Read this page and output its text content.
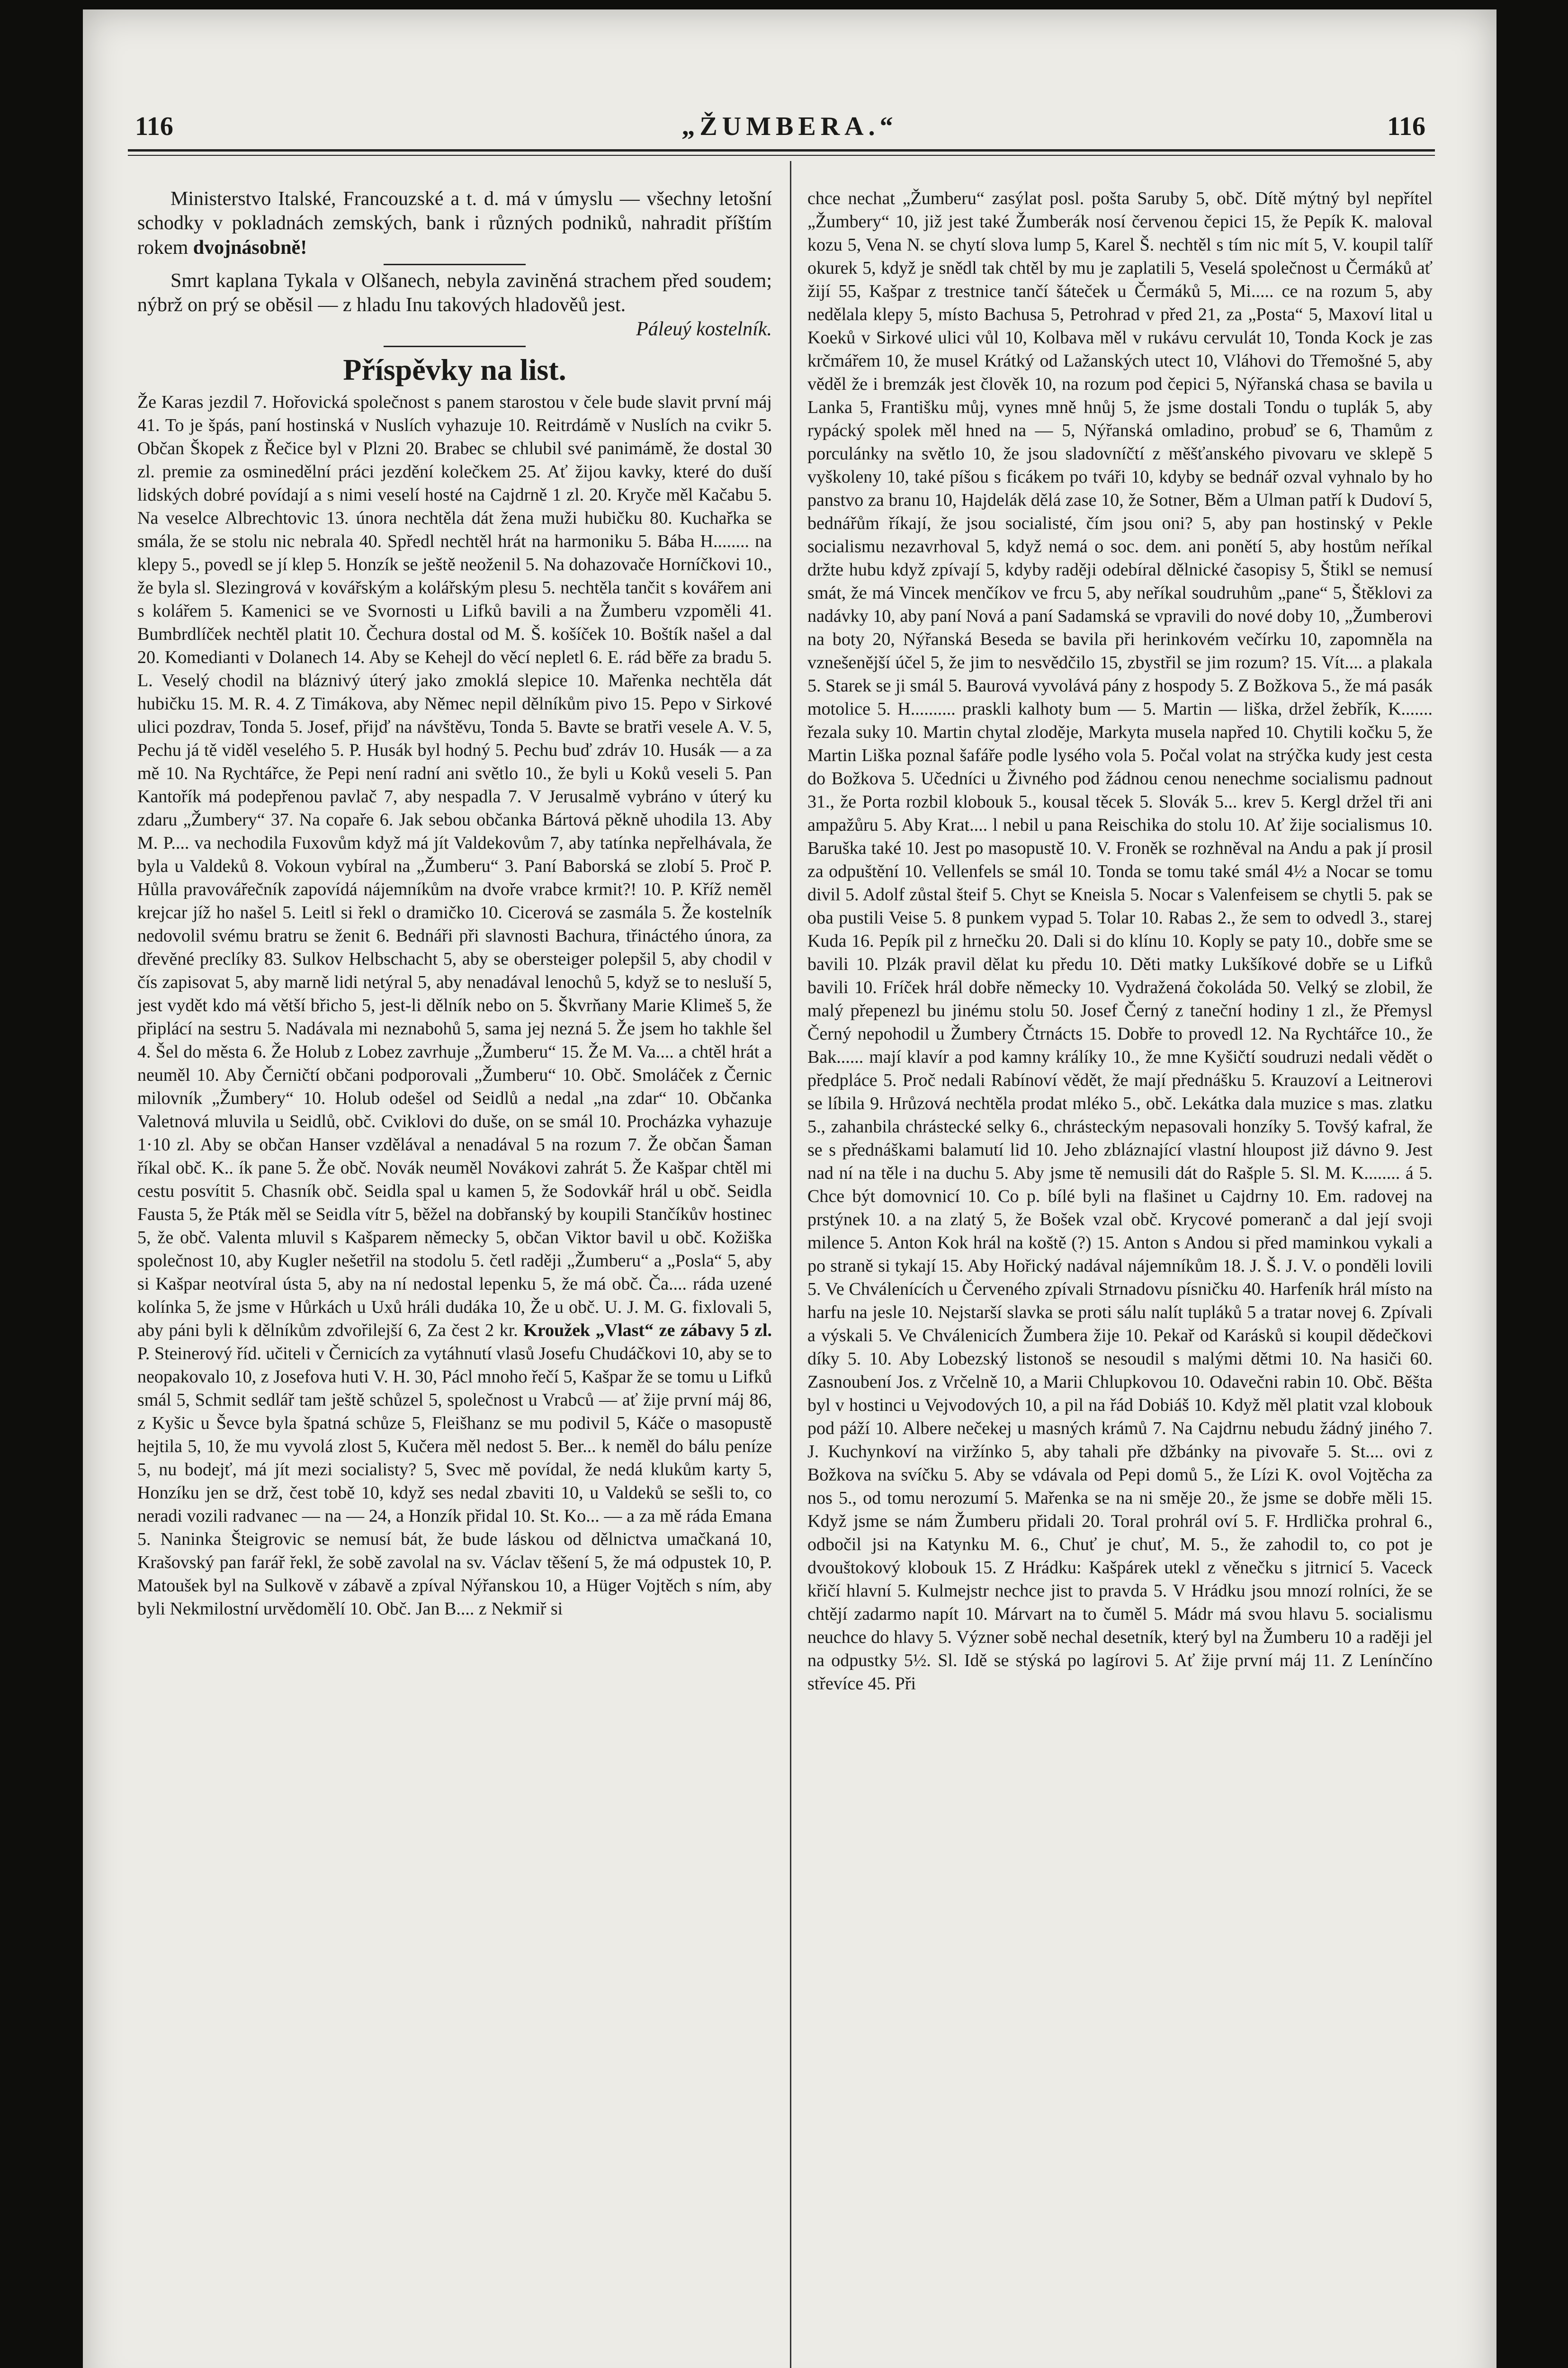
116	„ŽUMBERA.“	116

Ministerstvo Italské, Francouzské a t. d. má v úmyslu — všechny letošní schodky v pokladnách zemských, bank i různých podniků, nahradit příštím rokem dvojnásobně!

Smrt kaplana Tykala v Olšanech, nebyla zaviněná strachem před soudem; nýbrž on prý se oběsil — z hladu Inu takových hladověů jest.

Páleuý kostelník.

Příspěvky na list.

Že Karas jezdil 7. Hořovická společnost s panem starostou v čele bude slavit první máj 41. To je špás, paní hostinská v Nuslích vyhazuje 10. Reitrdámě v Nuslích na cvikr 5. Občan Škopek z Řečice byl v Plzni 20. Brabec se chlubil své panimámě, že dostal 30 zl. premie za osminedělní práci jezdění kolečkem 25. Ať žijou kavky, které do duší lidských dobré povídají a s nimi veselí hosté na Cajdrně 1 zl. 20. Kryče měl Kačabu 5. Na veselce Albrechtovic 13. února nechtěla dát žena muži hubičku 80. Kuchařka se smála, že se stolu nic nebrala 40. Spředl nechtěl hrát na harmoniku 5. Bába H........ na klepy 5., povedl se jí klep 5. Honzík se ještě neoženil 5. Na dohazovače Horníčkovi 10., že byla sl. Slezingrová v kovářským a kolářským plesu 5. nechtěla tančit s kovářem ani s kolářem 5. Kamenici se ve Svornosti u Lifků bavili a na Žumberu vzpoměli 41. Bumbrdlíček nechtěl platit 10. Čechura dostal od M. Š. košíček 10. Boštík našel a dal 20. Komedianti v Dolanech 14. Aby se Kehejl do věcí nepletl 6. E. rád běře za bradu 5. L. Veselý chodil na bláznivý úterý jako zmoklá slepice 10. Mařenka nechtěla dát hubičku 15. M. R. 4. Z Timákova, aby Němec nepil dělníkům pivo 15. Pepo v Sirkové ulici pozdrav, Tonda 5. Josef, přijď na návštěvu, Tonda 5. Bavte se bratři vesele A. V. 5, Pechu já tě viděl veselého 5. P. Husák byl hodný 5. Pechu buď zdráv 10. Husák — a za mě 10. Na Rychtářce, že Pepi není radní ani světlo 10., že byli u Koků veseli 5. Pan Kantořík má podepřenou pavlač 7, aby nespadla 7. V Jerusalmě vybráno v úterý ku zdaru „Žumbery“ 37. Na copaře 6. Jak sebou občanka Bártová pěkně uhodila 13. Aby M. P.... va nechodila Fuxovům když má jít Valdekovům 7, aby tatínka nepřelhávala, že byla u Valdeků 8. Vokoun vybíral na „Žumberu“ 3. Paní Baborská se zlobí 5. Proč P. Hůlla pravovářečník zapovídá nájemníkům na dvoře vrabce krmit?! 10. P. Kříž neměl krejcar jíž ho našel 5. Leitl si řekl o dramičko 10. Cicerová se zasmála 5. Že kostelník nedovolil svému bratru se ženit 6. Bednáři při slavnosti Bachura, třináctého února, za dřevěné preclíky 83. Sulkov Helbschacht 5, aby se obersteiger polepšil 5, aby chodil v čís zapisovat 5, aby marně lidi netýral 5, aby nenadával lenochů 5, když se to nesluší 5, jest vydět kdo má větší břicho 5, jest-li dělník nebo on 5. Škvrňany Marie Klimeš 5, že připlácí na sestru 5. Nadávala mi neznabohů 5, sama jej nezná 5. Že jsem ho takhle šel 4. Šel do města 6. Že Holub z Lobez zavrhuje „Žumberu“ 15. Že M. Va.... a chtěl hrát a neuměl 10. Aby Černičtí občani podporovali „Žumberu“ 10. Obč. Smoláček z Černic milovník „Žumbery“ 10. Holub odešel od Seidlů a nedal „na zdar“ 10. Občanka Valetnová mluvila u Seidlů, obč. Cviklovi do duše, on se smál 10. Procházka vyhazuje 1·10 zl. Aby se občan Hanser vzdělával a nenadával 5 na rozum 7. Že občan Šaman říkal obč. K.. ík pane 5. Že obč. Novák neuměl Novákovi zahrát 5. Že Kašpar chtěl mi cestu posvítit 5. Chasník obč. Seidla spal u kamen 5, že Sodovkář hrál u obč. Seidla Fausta 5, že Pták měl se Seidla vítr 5, běžel na dobřanský by koupili Stančíkův hostinec 5, že obč. Valenta mluvil s Kašparem německy 5, občan Viktor bavil u obč. Kožiška společnost 10, aby Kugler nešetřil na stodolu 5. četl raději „Žumberu“ a „Posla“ 5, aby si Kašpar neotvíral ústa 5, aby na ní nedostal lepenku 5, že má obč. Ča.... ráda uzené kolínka 5, že jsme v Hůrkách u Uxů hráli dudáka 10, Že u obč. U. J. M. G. fixlovali 5, aby páni byli k dělníkům zdvořilejší 6, Za čest 2 kr. Kroužek „Vlast“ ze zábavy 5 zl. P. Steinerový říd. učiteli v Černicích za vytáhnutí vlasů Josefu Chudáčkovi 10, aby se to neopakovalo 10, z Josefova huti V. H. 30, Pácl mnoho řečí 5, Kašpar že se tomu u Lifků smál 5, Schmit sedlář tam ještě schůzel 5, společnost u Vrabců — ať žije první máj 86, z Kyšic u Ševce byla špatná schůze 5, Fleišhanz se mu podivil 5, Káče o masopustě hejtila 5, 10, že mu vyvolá zlost 5, Kučera měl nedost 5. Ber... k neměl do bálu peníze 5, nu bodejť, má jít mezi socialisty? 5, Svec mě povídal, že nedá klukům karty 5, Honzíku jen se drž, čest tobě 10, když ses nedal zbaviti 10, u Valdeků se sešli to, co neradi vozili radvanec — na — 24, a Honzík přidal 10. St. Ko... — a za mě ráda Emana 5. Naninka Šteigrovic se nemusí bát, že bude láskou od dělnictva umačkaná 10, Krašovský pan farář řekl, že sobě zavolal na sv. Václav těšení 5, že má odpustek 10, P. Matoušek byl na Sulkově v zábavě a zpíval Nýřanskou 10, a Hüger Vojtěch s ním, aby byli Nekmilostní urvědomělí 10. Obč. Jan B.... z Nekmiř si

chce nechat „Žumberu“ zasýlat posl. pošta Saruby 5, obč. Dítě mýtný byl nepřítel „Žumbery“ 10, již jest také Žumberák nosí červenou čepici 15, že Pepík K. maloval kozu 5, Vena N. se chytí slova lump 5, Karel Š. nechtěl s tím nic mít 5, V. koupil talíř okurek 5, když je snědl tak chtěl by mu je zaplatili 5, Veselá společnost u Čermáků ať žijí 55, Kašpar z trestnice tančí šáteček u Čermáků 5, Mi..... ce na rozum 5, aby nedělala klepy 5, místo Bachusa 5, Petrohrad v před 21, za „Posta“ 5, Maxoví lital u Koeků v Sirkové ulici vůl 10, Kolbava měl v rukávu cervulát 10, Tonda Kock je zas krčmářem 10, že musel Krátký od Lažanských utect 10, Vláhovi do Třemošné 5, aby věděl že i bremzák jest člověk 10, na rozum pod čepici 5, Nýřanská chasa se bavila u Lanka 5, Františku můj, vynes mně hnůj 5, že jsme dostali Tondu o tuplák 5, aby rypácký spolek měl hned na — 5, Nýřanská omladino, probuď se 6, Thamům z porculánky na světlo 10, že jsou sladovníčtí z měšťanského pivovaru ve sklepě 5 vyškoleny 10, také píšou s ficákem po tváři 10, kdyby se bednář ozval vyhnalo by ho panstvo za branu 10, Hajdelák dělá zase 10, že Sotner, Běm a Ulman patří k Dudoví 5, bednářům říkají, že jsou socialisté, čím jsou oni? 5, aby pan hostinský v Pekle socialismu nezavrhoval 5, když nemá o soc. dem. ani ponětí 5, aby hostům neříkal držte hubu když zpívají 5, kdyby raději odebíral dělnické časopisy 5, Štikl se nemusí smát, že má Vincek menčíkov ve frcu 5, aby neříkal soudruhům „pane“ 5, Štěklovi za nadávky 10, aby paní Nová a paní Sadamská se vpravili do nové doby 10, „Žumberovi na boty 20, Nýřanská Beseda se bavila při herinkovém večírku 10, zapomněla na vznešenější účel 5, že jim to nesvědčilo 15, zbystřil se jim rozum? 15. Vít.... a plakala 5. Starek se ji smál 5. Baurová vyvolává pány z hospody 5. Z Božkova 5., že má pasák motolice 5. H.......... praskli kalhoty bum — 5. Martin — liška, držel žebřík, K....... řezala suky 10. Martin chytal zloděje, Markyta musela napřed 10. Chytili kočku 5, že Martin Liška poznal šafáře podle lysého vola 5. Počal volat na strýčka kudy jest cesta do Božkova 5. Učedníci u Živného pod žádnou cenou nenechme socialismu padnout 31., že Porta rozbil klobouk 5., kousal těcek 5. Slovák 5... krev 5. Kergl držel tři ani ampažůru 5. Aby Krat.... l nebil u pana Reischika do stolu 10. Ať žije socialismus 10. Baruška také 10. Jest po masopustě 10. V. Froněk se rozhněval na Andu a pak jí prosil za odpuštění 10. Vellenfels se smál 10. Tonda se tomu také smál 4½ a Nocar se tomu divil 5. Adolf zůstal šteif 5. Chyt se Kneisla 5. Nocar s Valenfeisem se chytli 5. pak se oba pustili Veise 5. 8 punkem vypad 5. Tolar 10. Rabas 2., že sem to odvedl 3., starej Kuda 16. Pepík pil z hrnečku 20. Dali si do klínu 10. Koply se paty 10., dobře sme se bavili 10. Plzák pravil dělat ku předu 10. Děti matky Lukšíkové dobře se u Lifků bavili 10. Fríček hrál dobře německy 10. Vydražená čokoláda 50. Velký se zlobil, že malý přepenezl bu jinému stolu 50. Josef Černý z taneční hodiny 1 zl., že Přemysl Černý nepohodil u Žumbery Čtrnácts 15. Dobře to provedl 12. Na Rychtářce 10., že Bak...... mají klavír a pod kamny králíky 10., že mne Kyšičtí soudruzi nedali vědět o předpláce 5. Proč nedali Rabínoví vědět, že mají přednášku 5. Krauzoví a Leitnerovi se líbila 9. Hrůzová nechtěla prodat mléko 5., obč. Lekátka dala muzice s mas. zlatku 5., zahanbila chrástecké selky 6., chrásteckým nepasovali honzíky 5. Tovšý kafral, že se s přednáškami balamutí lid 10. Jeho zbláznající vlastní hloupost již dávno 9. Jest nad ní na těle i na duchu 5. Aby jsme tě nemusili dát do Rašple 5. Sl. M. K........ á 5. Chce být domovnicí 10. Co p. bílé byli na flašinet u Cajdrny 10. Em. radovej na prstýnek 10. a na zlatý 5, že Bošek vzal obč. Krycové pomeranč a dal její svoji milence 5. Anton Kok hrál na koště (?) 15. Anton s Andou si před maminkou vykali a po straně si tykají 15. Aby Hořický nadával nájemníkům 18. J. Š. J. V. o ponděli lovili 5. Ve Chválenících u Červeného zpívali Strnadovu písničku 40. Harfeník hrál místo na harfu na jesle 10. Nejstarší slavka se proti sálu nalít tupláků 5 a tratar novej 6. Zpívali a výskali 5. Ve Chválenicích Žumbera žije 10. Pekař od Karásků si koupil dědečkovi díky 5. 10. Aby Lobezský listonoš se nesoudil s malými dětmi 10. Na hasiči 60. Zasnoubení Jos. z Vrčelně 10, a Marii Chlupkovou 10. Odavečni rabin 10. Obč. Běšta byl v hostinci u Vejvodových 10, a pil na řád Dobiáš 10. Když měl platit vzal klobouk pod páží 10. Albere nečekej u masných krámů 7. Na Cajdrnu nebudu žádný jiného 7. J. Kuchynkoví na viržínko 5, aby tahali pře džbánky na pivovaře 5. St.... ovi z Božkova na svíčku 5. Aby se vdávala od Pepi domů 5., že Lízi K. ovol Vojtěcha za nos 5., od tomu nerozumí 5. Mařenka se na ni směje 20., že jsme se dobře měli 15. Když jsme se nám Žumberu přidali 20. Toral prohrál oví 5. F. Hrdlička prohral 6., odbočil jsi na Katynku M. 6., Chuť je chuť, M. 5., že zahodil to, co pot je dvouštokový klobouk 15. Z Hrádku: Kašpárek utekl z věnečku s jitrnicí 5. Vaceck křičí hlavní 5. Kulmejstr nechce jist to pravda 5. V Hrádku jsou mnozí rolníci, že se chtějí zadarmo napít 10. Márvart na to čuměl 5. Mádr má svou hlavu 5. socialismu neuchce do hlavy 5. Význer sobě nechal desetník, který byl na Žumberu 10 a raději jel na odpustky 5½. Sl. Idě se stýská po lagírovi 5. Ať žije první máj 11. Z Lenínčíno střevíce 45. Při
